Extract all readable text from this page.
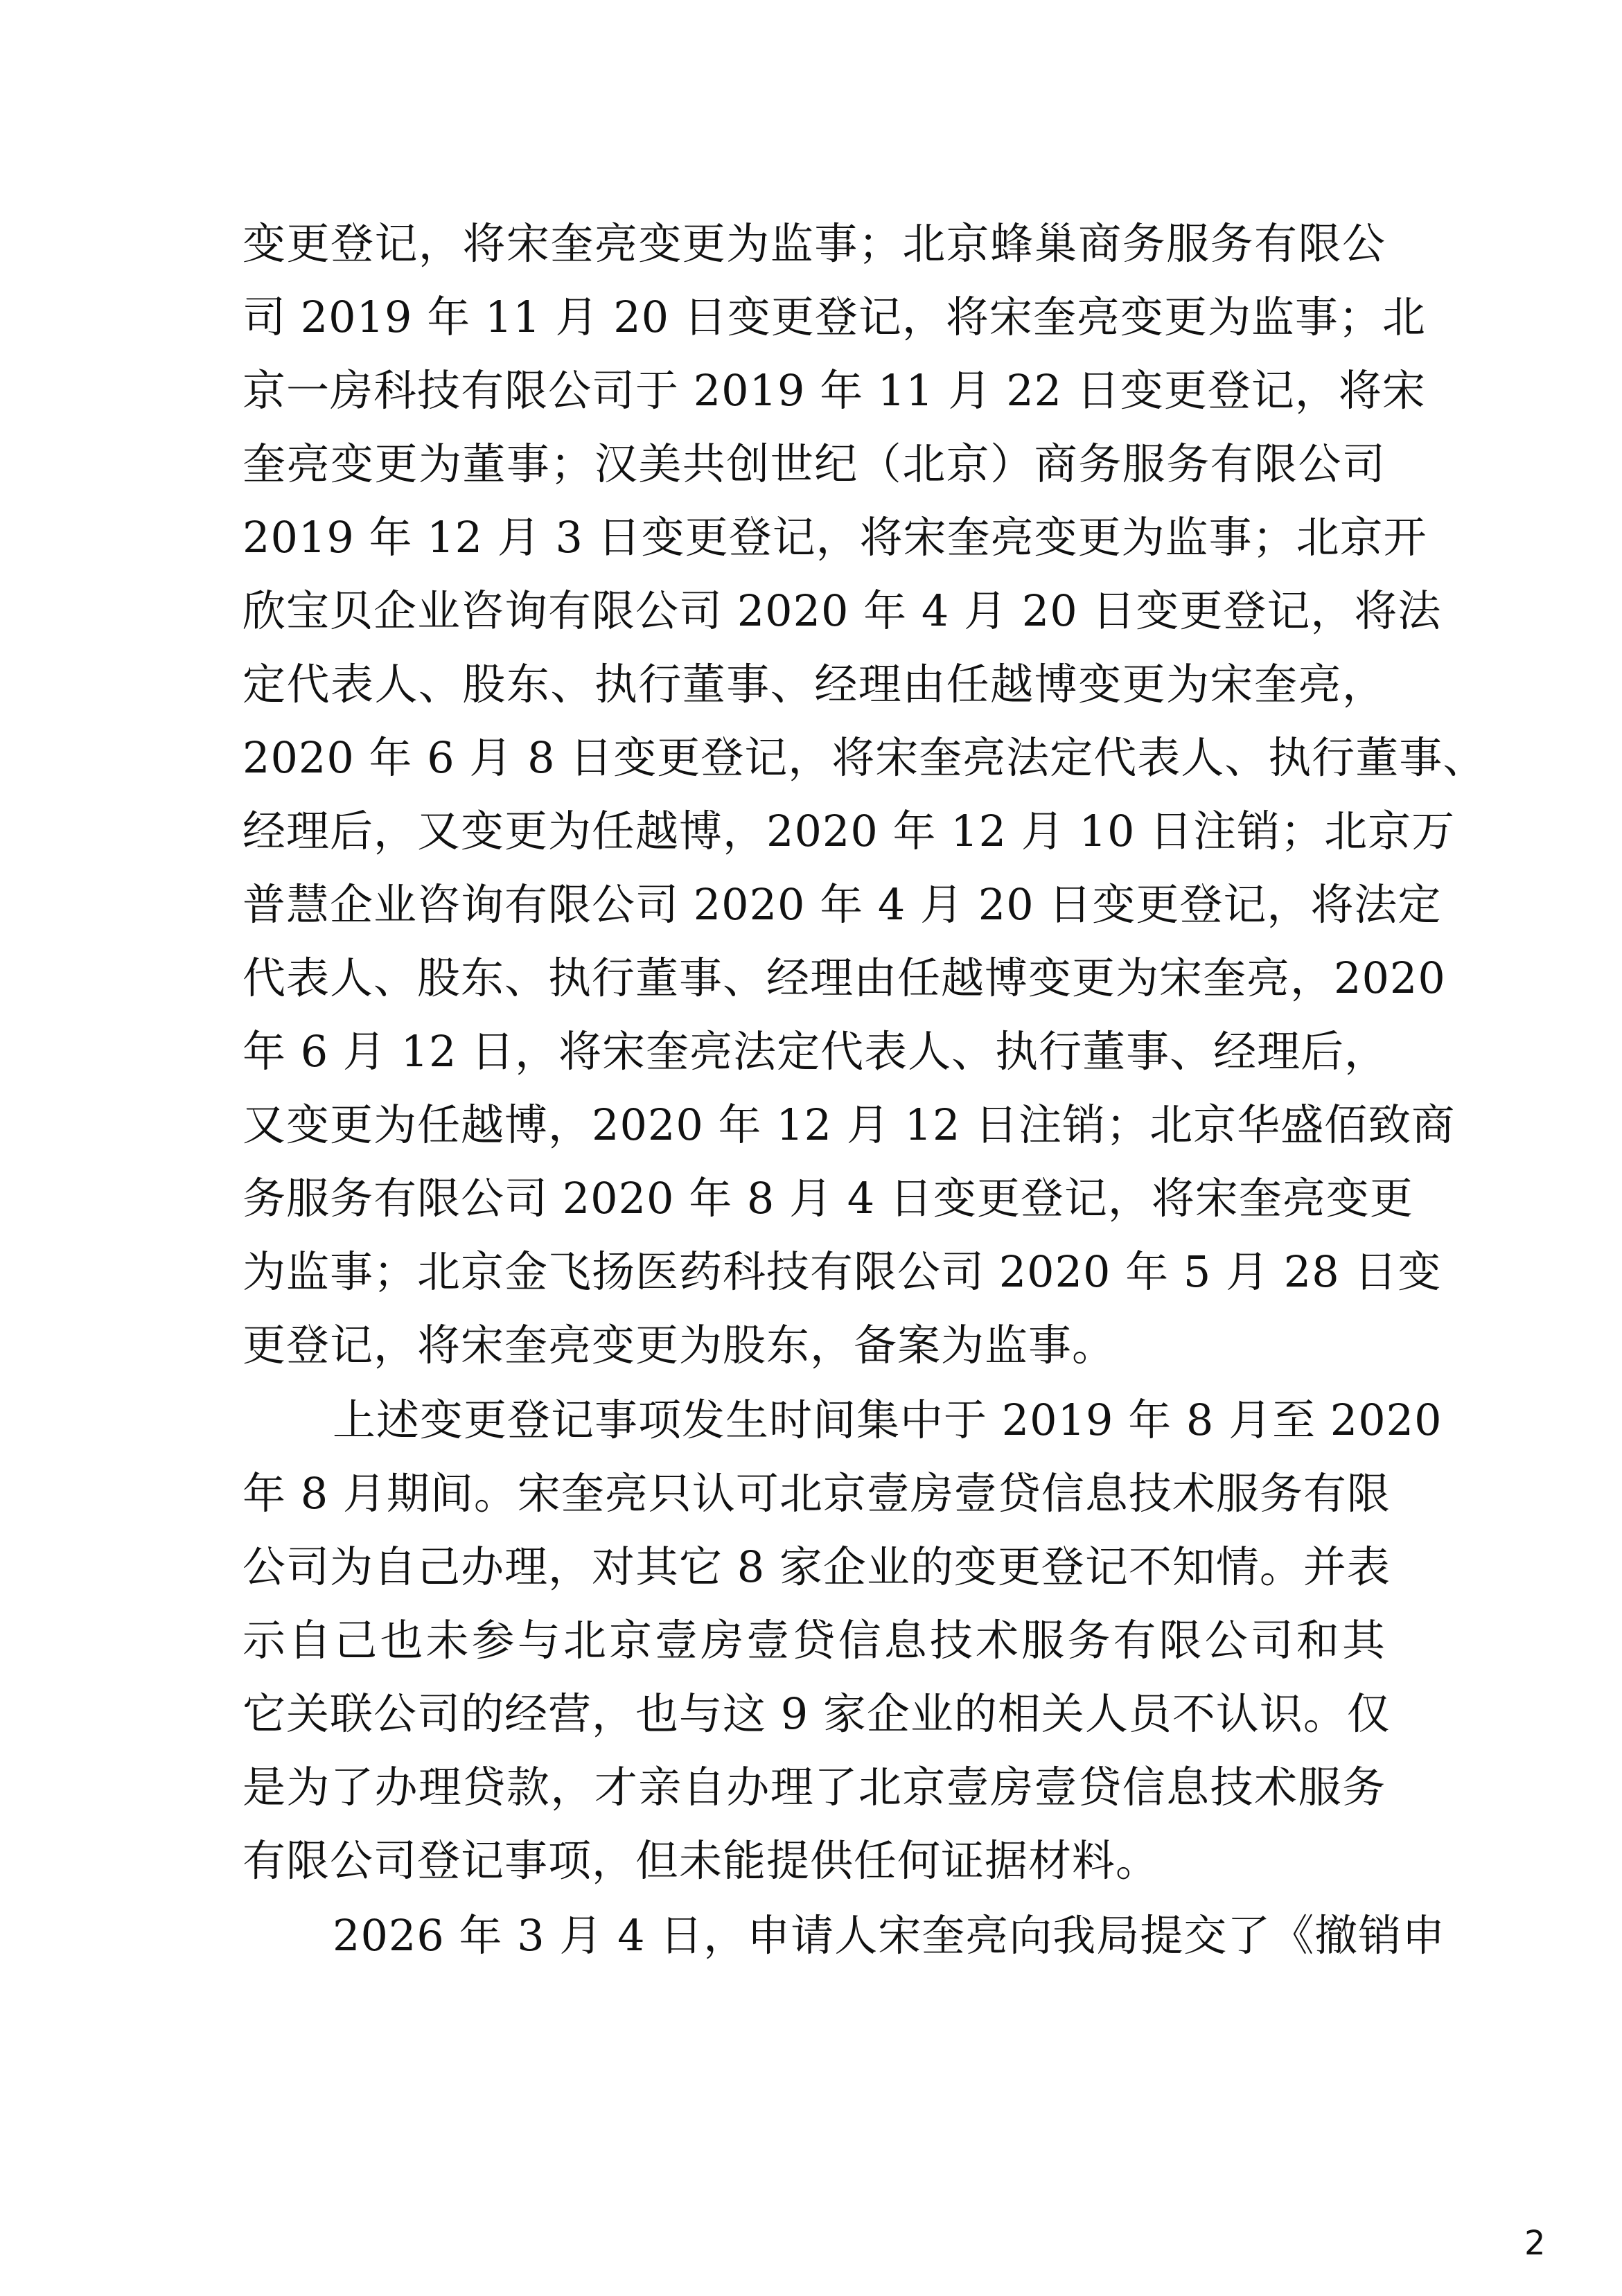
变更登记，将宋奎亮变更为监事；北京蜂巢商务服务有限公
司 2019 年 11 月 20 日变更登记，将宋奎亮变更为监事；北
京一房科技有限公司于 2019 年 11 月 22 日变更登记，将宋
奎亮变更为董事；汉美共创世纪（北京）商务服务有限公司
2019 年 12 月 3 日变更登记，将宋奎亮变更为监事；北京开
欣宝贝企业咨询有限公司 2020 年 4 月 20 日变更登记，将法
定代表人、股东、执行董事、经理由任越博变更为宋奎亮，
2020 年 6 月 8 日变更登记，将宋奎亮法定代表人、执行董事、
经理后，又变更为任越博，2020 年 12 月 10 日注销；北京万
普慧企业咨询有限公司 2020 年 4 月 20 日变更登记，将法定
代表人、股东、执行董事、经理由任越博变更为宋奎亮，2020
年 6 月 12 日，将宋奎亮法定代表人、执行董事、经理后，
又变更为任越博，2020 年 12 月 12 日注销；北京华盛佰致商
务服务有限公司 2020 年 8 月 4 日变更登记，将宋奎亮变更
为监事；北京金飞扬医药科技有限公司 2020 年 5 月 28 日变
更登记，将宋奎亮变更为股东，备案为监事。
上述变更登记事项发生时间集中于 2019 年 8 月至 2020
年 8 月期间。宋奎亮只认可北京壹房壹贷信息技术服务有限
公司为自己办理，对其它 8 家企业的变更登记不知情。并表
示自己也未参与北京壹房壹贷信息技术服务有限公司和其
它关联公司的经营，也与这 9 家企业的相关人员不认识。仅
是为了办理贷款，才亲自办理了北京壹房壹贷信息技术服务
有限公司登记事项，但未能提供任何证据材料。
2026 年 3 月 4 日，申请人宋奎亮向我局提交了《撤销申
2
